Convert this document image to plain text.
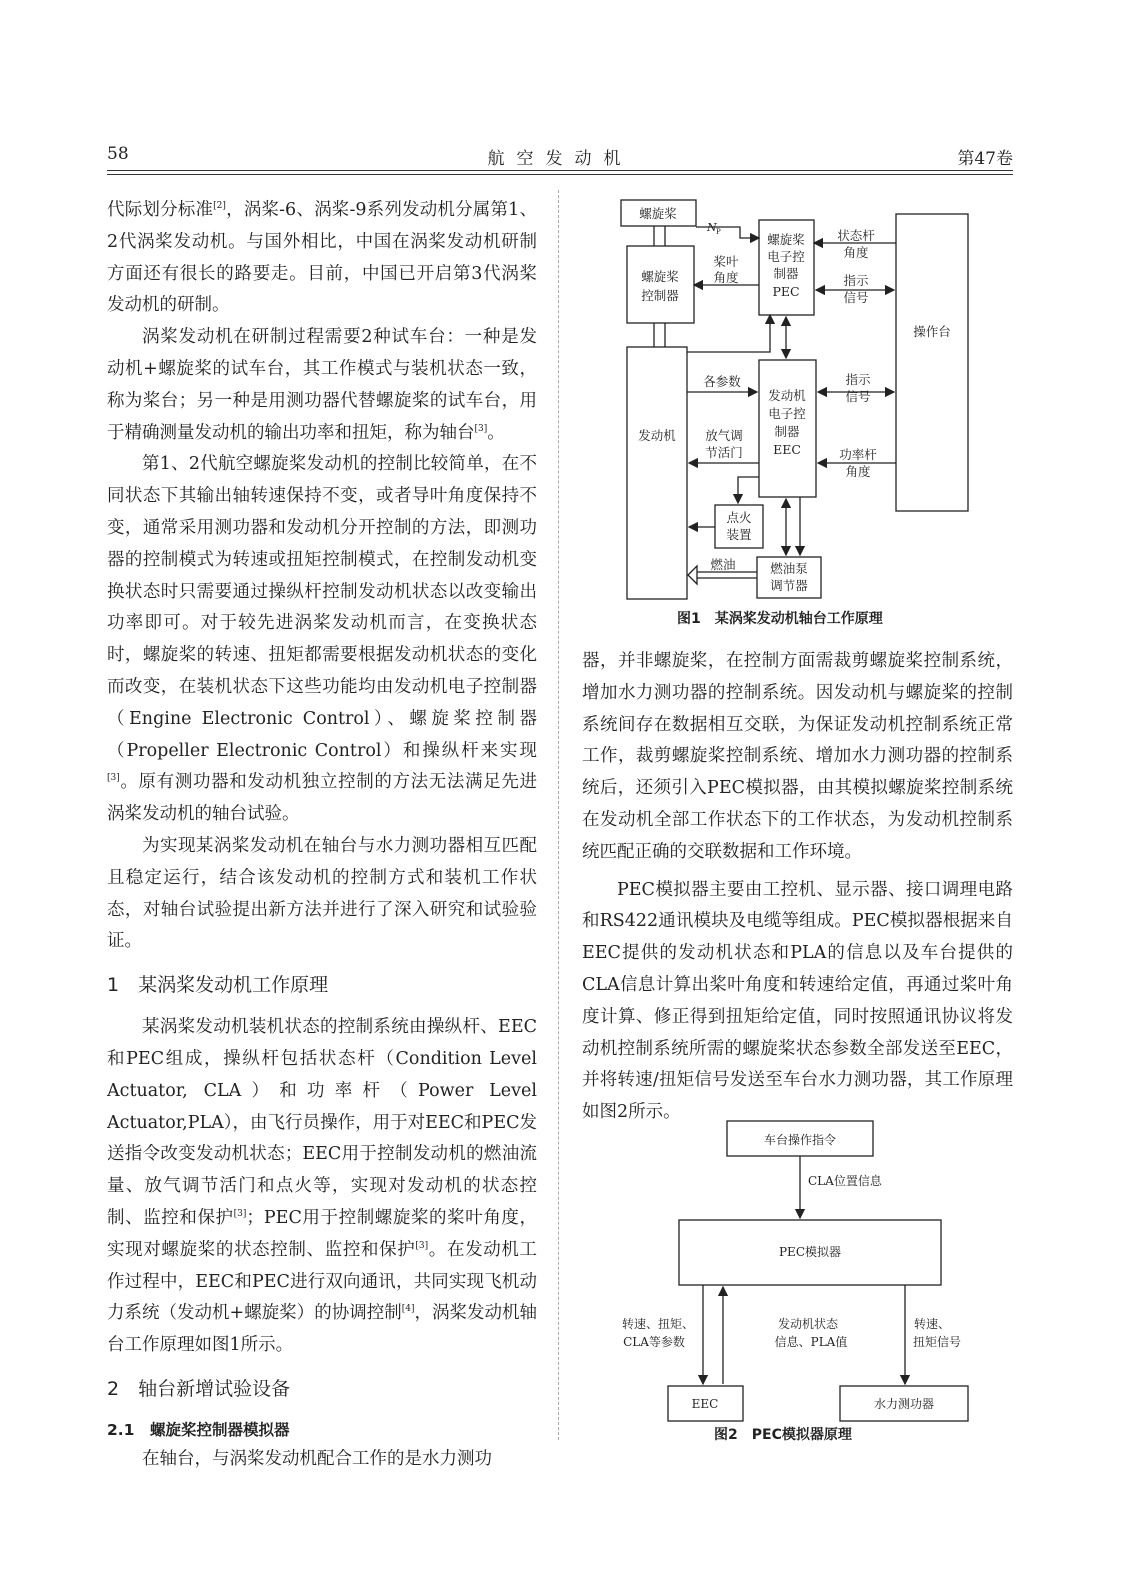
58	航空发动机	第47卷

代际划分标准[2]，涡桨-6、涡桨-9系列发动机分属第1、2代涡桨发动机。与国外相比，中国在涡桨发动机研制方面还有很长的路要走。目前，中国已开启第3代涡桨发动机的研制。

涡桨发动机在研制过程需要2种试车台：一种是发动机+螺旋桨的试车台，其工作模式与装机状态一致，称为桨台；另一种是用测功器代替螺旋桨的试车台，用于精确测量发动机的输出功率和扭矩，称为轴台[3]。

第1、2代航空螺旋桨发动机的控制比较简单，在不同状态下其输出轴转速保持不变，或者导叶角度保持不变，通常采用测功器和发动机分开控制的方法，即测功器的控制模式为转速或扭矩控制模式，在控制发动机变换状态时只需要通过操纵杆控制发动机状态以改变输出功率即可。对于较先进涡桨发动机而言，在变换状态时，螺旋桨的转速、扭矩都需要根据发动机状态的变化而改变，在装机状态下这些功能均由发动机电子控制器（Engine Electronic Control）、螺旋桨控制器（Propeller Electronic Control）和操纵杆来实现[3]。原有测功器和发动机独立控制的方法无法满足先进涡桨发动机的轴台试验。

为实现某涡桨发动机在轴台与水力测功器相互匹配且稳定运行，结合该发动机的控制方式和装机工作状态，对轴台试验提出新方法并进行了深入研究和试验验证。

1　某涡桨发动机工作原理

某涡桨发动机装机状态的控制系统由操纵杆、EEC和PEC组成，操纵杆包括状态杆（Condition Level Actuator, CLA）和功率杆（Power Level Actuator,PLA），由飞行员操作，用于对EEC和PEC发送指令改变发动机状态；EEC用于控制发动机的燃油流量、放气调节活门和点火等，实现对发动机的状态控制、监控和保护[3]；PEC用于控制螺旋桨的桨叶角度，实现对螺旋桨的状态控制、监控和保护[3]。在发动机工作过程中，EEC和PEC进行双向通讯，共同实现飞机动力系统（发动机+螺旋桨）的协调控制[4]，涡桨发动机轴台工作原理如图1所示。

2　轴台新增试验设备
2.1　螺旋桨控制器模拟器

在轴台，与涡桨发动机配合工作的是水力测功

螺旋桨
N P
螺旋桨
控制器
桨叶
角度
螺旋桨
电子控
制器
PEC
状态杆
角度
指示
信号
操作台
发动机
各参数
放气调
节活门
发动机
电子控
制器
EEC
指示
信号
功率杆
角度
点火
装置
燃油	燃油泵
调节器
图1　某涡桨发动机轴台工作原理

器，并非螺旋桨，在控制方面需裁剪螺旋桨控制系统，增加水力测功器的控制系统。因发动机与螺旋桨的控制系统间存在数据相互交联，为保证发动机控制系统正常工作，裁剪螺旋桨控制系统、增加水力测功器的控制系统后，还须引入PEC模拟器，由其模拟螺旋桨控制系统在发动机全部工作状态下的工作状态，为发动机控制系统匹配正确的交联数据和工作环境。

PEC模拟器主要由工控机、显示器、接口调理电路和RS422通讯模块及电缆等组成。PEC模拟器根据来自EEC提供的发动机状态和PLA的信息以及车台提供的CLA信息计算出桨叶角度和转速给定值，再通过桨叶角度计算、修正得到扭矩给定值，同时按照通讯协议将发动机控制系统所需的螺旋桨状态参数全部发送至EEC，并将转速/扭矩信号发送至车台水力测功器，其工作原理如图2所示。

车台操作指令
CLA位置信息
PEC模拟器
转速、扭矩、
CLA等参数
发动机状态
信息、PLA值
转速、
扭矩信号
EEC	水力测功器
图2　PEC模拟器原理
